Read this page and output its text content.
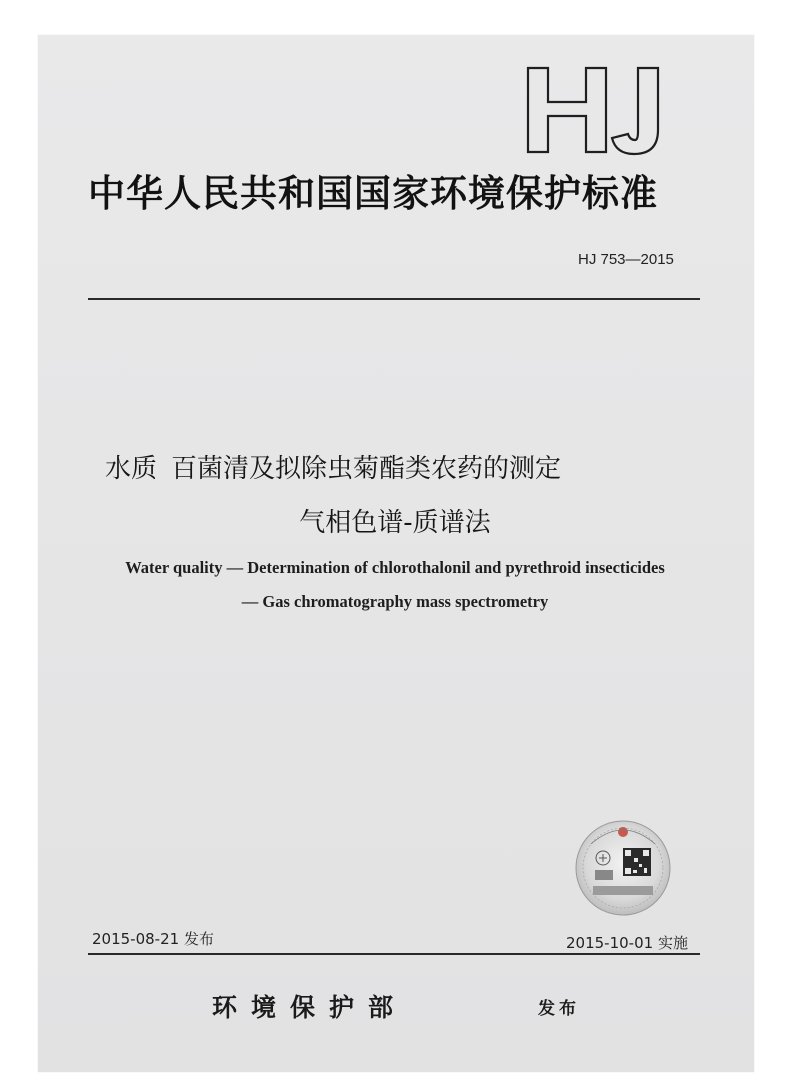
HJ
中华人民共和国国家环境保护标准
HJ 753—2015
水质 百菌清及拟除虫菊酯类农药的测定
气相色谱-质谱法
Water quality — Determination of chlorothalonil and pyrethroid insecticides
— Gas chromatography mass spectrometry
2015-08-21 发布	2015-10-01 实施
环境保护部	发布
